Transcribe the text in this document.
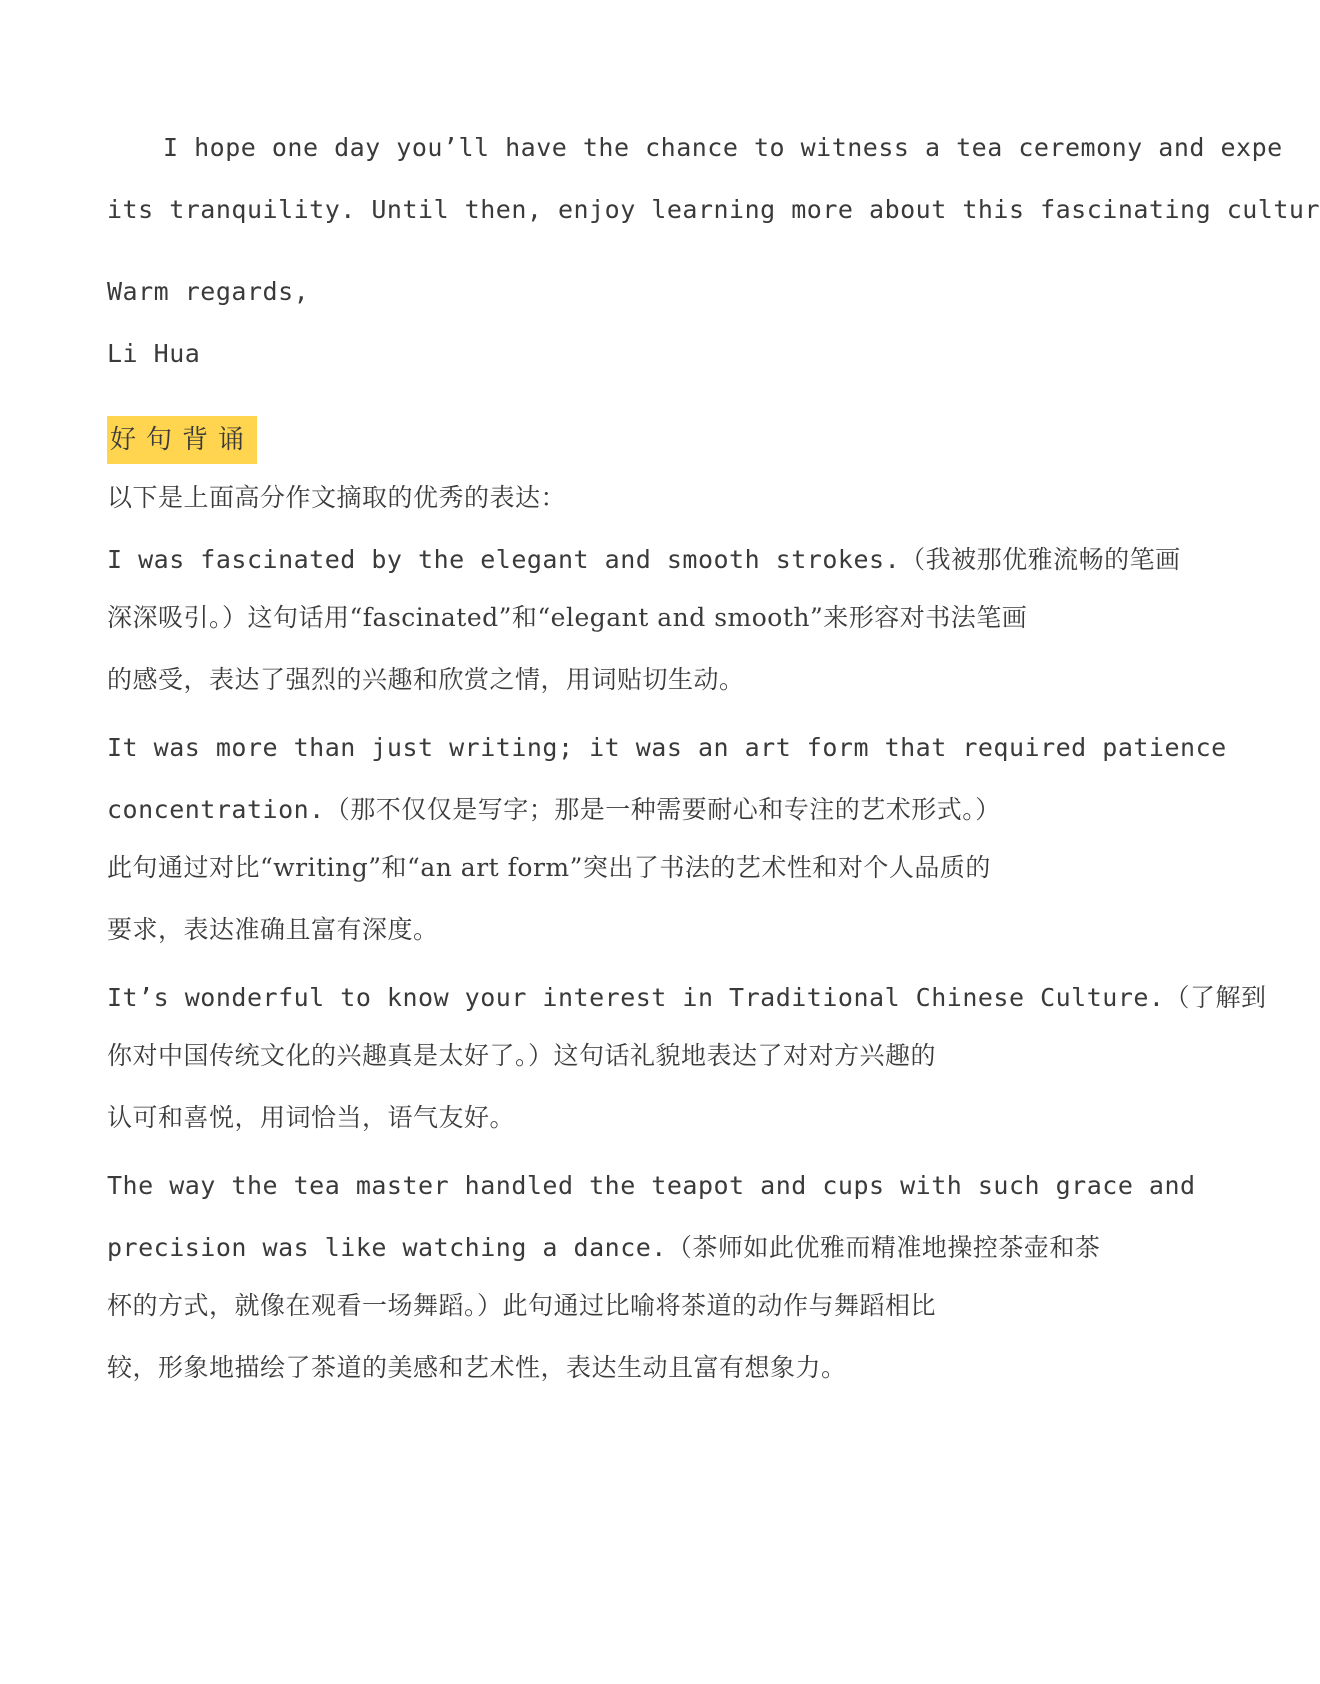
I hope one day you’ll have the chance to witness a tea ceremony and expe

its tranquility. Until then, enjoy learning more about this fascinating cultur

Warm regards,

Li Hua

好句背诵

以下是上面高分作文摘取的优秀的表达：

I was fascinated by the elegant and smooth strokes.（我被那优雅流畅的笔画

深深吸引。）这句话用“fascinated”和“elegant and smooth”来形容对书法笔画

的感受，表达了强烈的兴趣和欣赏之情，用词贴切生动。

It was more than just writing; it was an art form that required patience

concentration.（那不仅仅是写字；那是一种需要耐心和专注的艺术形式。）

此句通过对比“writing”和“an art form”突出了书法的艺术性和对个人品质的

要求，表达准确且富有深度。

It’s wonderful to know your interest in Traditional Chinese Culture.（了解到

你对中国传统文化的兴趣真是太好了。）这句话礼貌地表达了对对方兴趣的

认可和喜悦，用词恰当，语气友好。

The way the tea master handled the teapot and cups with such grace and

precision was like watching a dance.（茶师如此优雅而精准地操控茶壶和茶

杯的方式，就像在观看一场舞蹈。）此句通过比喻将茶道的动作与舞蹈相比

较，形象地描绘了茶道的美感和艺术性，表达生动且富有想象力。
